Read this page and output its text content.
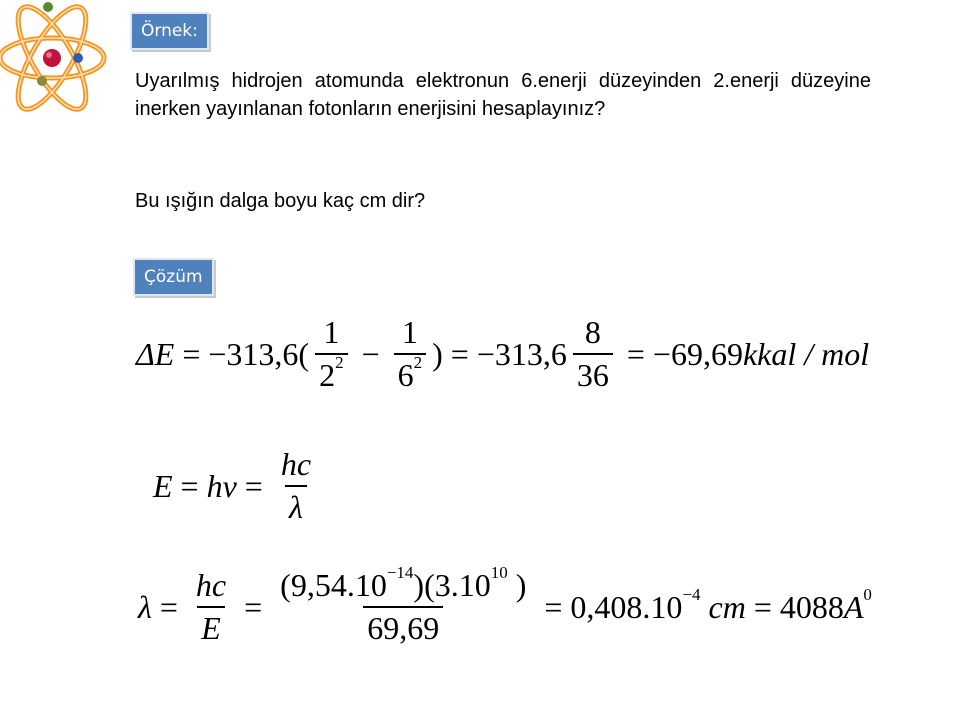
Örnek:
Uyarılmış hidrojen atomunda elektronun 6.enerji düzeyinden 2.enerji düzeyine inerken yayınlanan fotonların enerjisini hesaplayınız?
Bu ışığın dalga boyu kaç cm dir?
Çözüm
$\Delta E = -313,6( \frac{1}{2^2} - \frac{1}{6^2}$ ) = $-313,6 \frac{8}{36} = -69,69$ kkal / mol
E = hv = $\frac{hc}{\lambda}$
$\lambda = \frac{hc}{E} = \frac{(9,54.10^{-14})(3.10^{10} )}{69,69} = 0,408.10^{-4}$ cm = 4088 $A^0$
